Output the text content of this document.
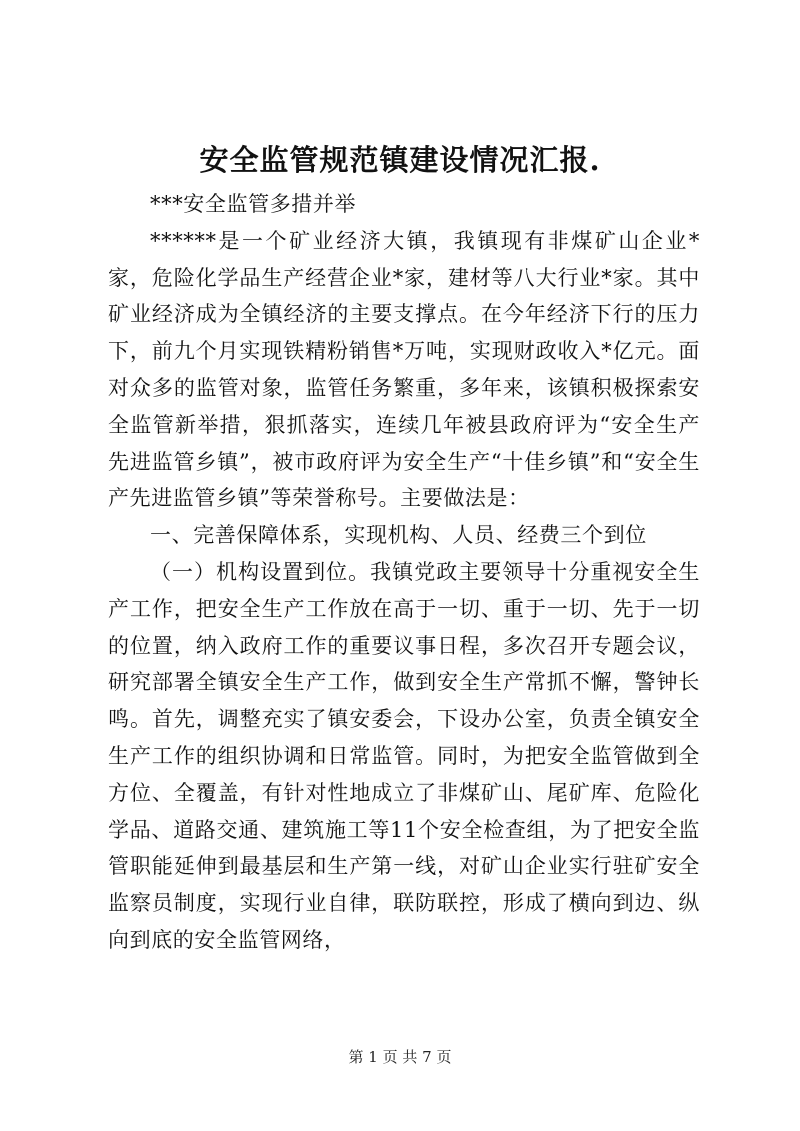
安全监管规范镇建设情况汇报.

***安全监管多措并举

******是一个矿业经济大镇，我镇现有非煤矿山企业*家，危险化学品生产经营企业*家，建材等八大行业*家。其中矿业经济成为全镇经济的主要支撑点。在今年经济下行的压力下，前九个月实现铁精粉销售*万吨，实现财政收入*亿元。面对众多的监管对象，监管任务繁重，多年来，该镇积极探索安全监管新举措，狠抓落实，连续几年被县政府评为“安全生产先进监管乡镇”，被市政府评为安全生产“十佳乡镇”和“安全生产先进监管乡镇”等荣誉称号。主要做法是：

一、完善保障体系，实现机构、人员、经费三个到位

（一）机构设置到位。我镇党政主要领导十分重视安全生产工作，把安全生产工作放在高于一切、重于一切、先于一切的位置，纳入政府工作的重要议事日程，多次召开专题会议，研究部署全镇安全生产工作，做到安全生产常抓不懈，警钟长鸣。首先，调整充实了镇安委会，下设办公室，负责全镇安全生产工作的组织协调和日常监管。同时，为把安全监管做到全方位、全覆盖，有针对性地成立了非煤矿山、尾矿库、危险化学品、道路交通、建筑施工等11个安全检查组，为了把安全监管职能延伸到最基层和生产第一线，对矿山企业实行驻矿安全监察员制度，实现行业自律，联防联控，形成了横向到边、纵向到底的安全监管网络，

第 1 页 共 7 页
